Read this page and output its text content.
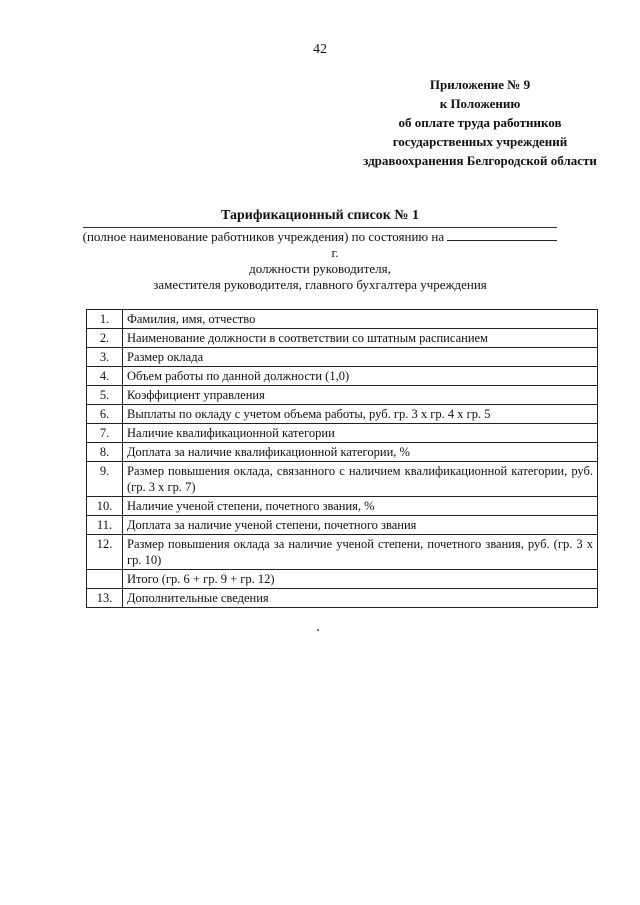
42
Приложение № 9
к Положению
об оплате труда работников
государственных учреждений
здравоохранения Белгородской области
Тарификационный список № 1
(полное наименование работников учреждения) по состоянию на
г.
должности руководителя,
заместителя руководителя, главного бухгалтера учреждения
1.	Фамилия, имя, отчество
2.	Наименование должности в соответствии со штатным расписанием
3.	Размер оклада
4.	Объем работы по данной должности (1,0)
5.	Коэффициент управления
6.	Выплаты по окладу с учетом объема работы, руб. гр. 3 х гр. 4 х гр. 5
7.	Наличие квалификационной категории
8.	Доплата за наличие квалификационной категории, %
9.	Размер повышения оклада, связанного с наличием квалификационной категории, руб. (гр. 3 х гр. 7)
10.	Наличие ученой степени, почетного звания, %
11.	Доплата за наличие ученой степени, почетного звания
12.	Размер повышения оклада за наличие ученой степени, почетного звания, руб. (гр. 3 х гр. 10)
	Итого (гр. 6 + гр. 9 + гр. 12)
13.	Дополнительные сведения
